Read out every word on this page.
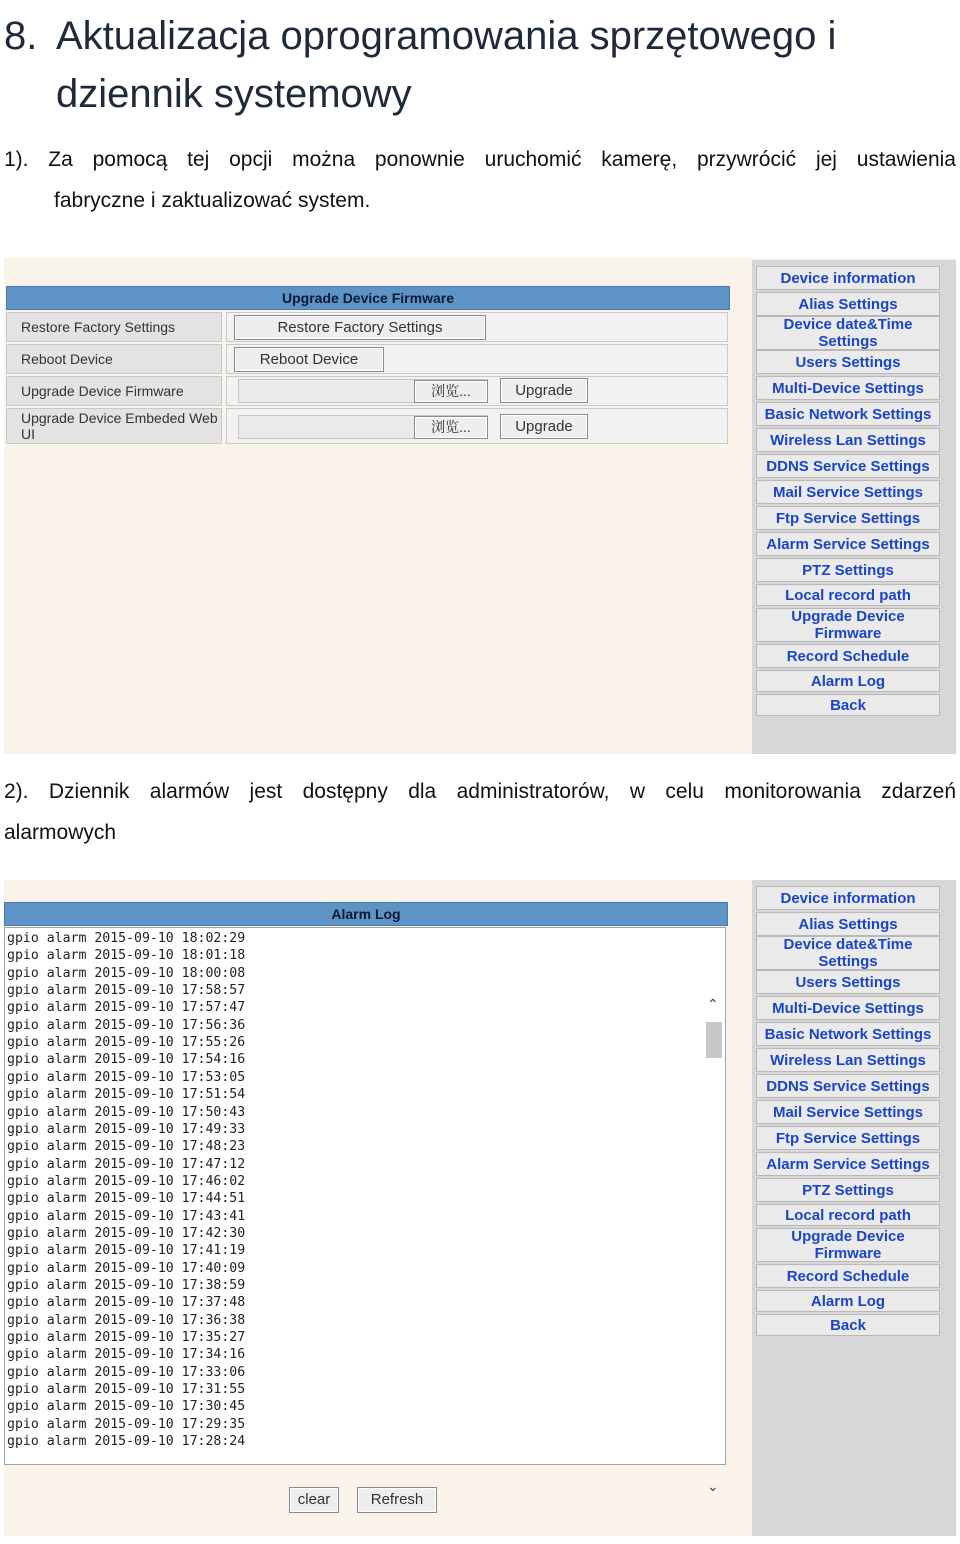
8. Aktualizacja oprogramowania sprzętowego i
dziennik systemowy
1). Za pomocą tej opcji można ponownie uruchomić kamerę, przywrócić jej ustawienia
fabryczne i zaktualizować system.
Upgrade Device Firmware
Restore Factory Settings	Restore Factory Settings
Reboot Device	Reboot Device
Upgrade Device Firmware	浏览...	Upgrade
Upgrade Device Embeded Web UI	浏览...	Upgrade
Device information
Alias Settings
Device date&Time Settings
Users Settings
Multi-Device Settings
Basic Network Settings
Wireless Lan Settings
DDNS Service Settings
Mail Service Settings
Ftp Service Settings
Alarm Service Settings
PTZ Settings
Local record path
Upgrade Device Firmware
Record Schedule
Alarm Log
Back
2). Dziennik alarmów jest dostępny dla administratorów, w celu monitorowania zdarzeń
alarmowych
Alarm Log
⌃
⌄
gpio alarm 2015-09-10 18:02:29
gpio alarm 2015-09-10 18:01:18
gpio alarm 2015-09-10 18:00:08
gpio alarm 2015-09-10 17:58:57
gpio alarm 2015-09-10 17:57:47
gpio alarm 2015-09-10 17:56:36
gpio alarm 2015-09-10 17:55:26
gpio alarm 2015-09-10 17:54:16
gpio alarm 2015-09-10 17:53:05
gpio alarm 2015-09-10 17:51:54
gpio alarm 2015-09-10 17:50:43
gpio alarm 2015-09-10 17:49:33
gpio alarm 2015-09-10 17:48:23
gpio alarm 2015-09-10 17:47:12
gpio alarm 2015-09-10 17:46:02
gpio alarm 2015-09-10 17:44:51
gpio alarm 2015-09-10 17:43:41
gpio alarm 2015-09-10 17:42:30
gpio alarm 2015-09-10 17:41:19
gpio alarm 2015-09-10 17:40:09
gpio alarm 2015-09-10 17:38:59
gpio alarm 2015-09-10 17:37:48
gpio alarm 2015-09-10 17:36:38
gpio alarm 2015-09-10 17:35:27
gpio alarm 2015-09-10 17:34:16
gpio alarm 2015-09-10 17:33:06
gpio alarm 2015-09-10 17:31:55
gpio alarm 2015-09-10 17:30:45
gpio alarm 2015-09-10 17:29:35
gpio alarm 2015-09-10 17:28:24
clear	Refresh
Device information
Alias Settings
Device date&Time Settings
Users Settings
Multi-Device Settings
Basic Network Settings
Wireless Lan Settings
DDNS Service Settings
Mail Service Settings
Ftp Service Settings
Alarm Service Settings
PTZ Settings
Local record path
Upgrade Device Firmware
Record Schedule
Alarm Log
Back
